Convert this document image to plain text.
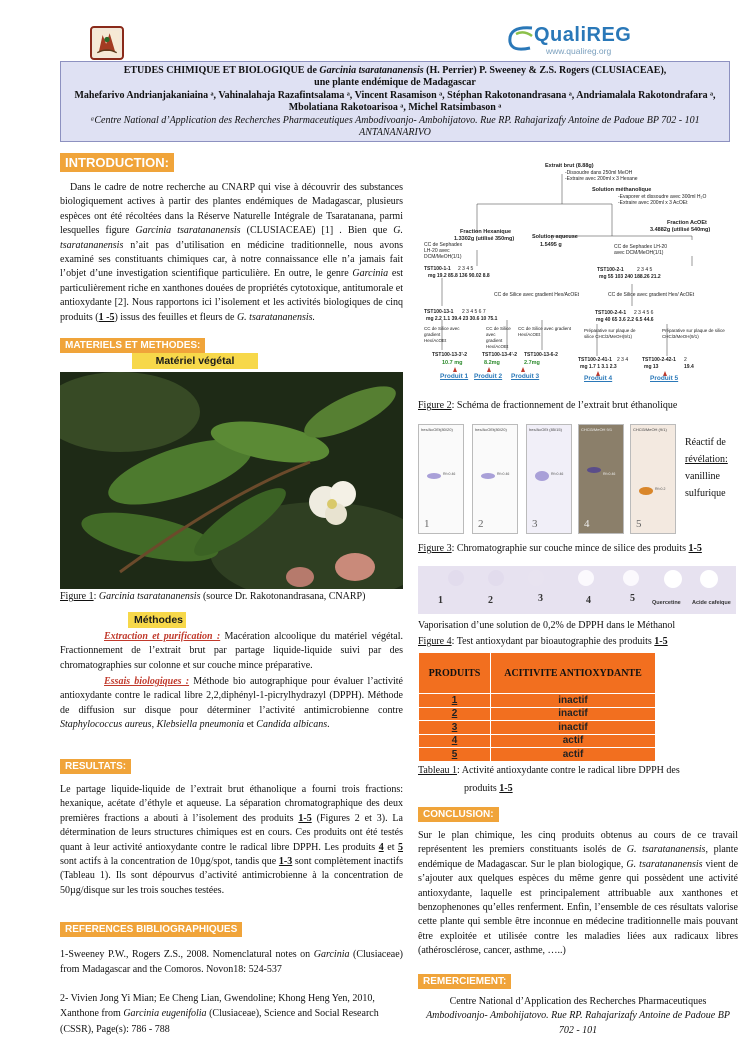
QualiREG
www.qualireg.org
ETUDES CHIMIQUE ET BIOLOGIQUE de Garcinia tsaratananensis (H. Perrier) P. Sweeney & Z.S. Rogers (CLUSIACEAE),
une plante endémique de Madagascar
Mahefarivo Andrianjakaniaina ᵃ, Vahinalahaja Razafintsalama ᵃ, Vincent Rasamison ᵃ, Stéphan Rakotonandrasana ᵃ, Andriamalala Rakotondrafara ᵃ,
Mbolatiana Rakotoarisoa ᵃ, Michel Ratsimbason ᵃ
ᵃCentre National d’Application des Recherches Pharmaceutiques Ambodivoanjo- Ambohijatovo. Rue RP. Rahajarizafy Antoine de Padoue BP 702 - 101 ANTANANARIVO
INTRODUCTION:
Dans le cadre de notre recherche au CNARP qui vise à découvrir des substances biologiquement actives à partir des plantes endémiques de Madagascar, plusieurs espèces ont été récoltées dans la Réserve Naturelle Intégrale de Tsaratanana, parmi lesquelles figure Garcinia tsaratananensis (CLUSIACEAE) [1] . Bien que G. tsaratananensis n’ait pas d’utilisation en médicine traditionnelle, nous avons examiné ses constituants chimiques car, à notre connaissance elle n’a jamais fait l’objet d’une investigation scientifique particulière. En outre, le genre Garcinia est particulièrement riche en xanthones douées de propriétés cytotoxique, antitumorale et antioxydante [2]. Nous rapportons ici l’isolement et les activités biologiques de cinq produits (1 -5) issus des feuilles et fleurs de G. tsaratananensis.
MATERIELS ET METHODES:
Matériel végétal
Figure 1: Garcinia tsaratananensis (source Dr. Rakotonandrasana, CNARP)
Méthodes
Extraction et purification : Macération alcoolique du matériel végétal. Fractionnement de l’extrait brut par partage liquide-liquide suivi par des chromatographies sur colonne et sur couche mince préparative.
Essais biologiques : Méthode bio autographique pour évaluer l’activité antioxydante contre le radical libre 2,2,diphényl-1-picrylhydrazyl (DPPH). Méthode de diffusion sur disque pour déterminer l’activité antimicrobienne contre Staphylococcus aureus, Klebsiella pneumonia et Candida albicans.
RESULTATS:
Le partage liquide-liquide de l’extrait brut éthanolique a fourni trois fractions: hexanique, acétate d’éthyle et aqueuse. La séparation chromatographique des deux premières fractions a abouti à l’isolement des produits 1-5 (Figures 2 et 3). La détermination de leurs structures chimiques est en cours. Ces produits ont été testés quant à leur activité antioxydante contre le radical libre DPPH. Les produits 4 et 5 sont actifs à la concentration de 10µg/spot, tandis que 1-3 sont complètement inactifs (Tableau 1). Ils sont dépourvus d’activité antimicrobienne à la concentration de 50µg/disque sur les trois souches testées.
REFERENCES BIBLIOGRAPHIQUES
1-Sweeney P.W., Rogers Z.S., 2008. Nomenclatural notes on Garcinia (Clusiaceae) from Madagascar and the Comoros. Novon18: 524-537
2- Vivien Jong Yi Mian; Ee Cheng Lian, Gwendoline; Khong Heng Yen, 2010, Xanthone from Garcinia eugenifolia (Clusiaceae), Science and Social Research (CSSR), Page(s): 786 - 788
Extrait brut (8.88g)
-Dissoudre dans 250ml MeOH
-Extraire avec 200ml x 3 Hexane
Solution méthanolique
-Evaporer et dissoudre avec 300ml H₂O
-Extraire avec 200ml x 3 AcOEt
Fraction Hexanique
1.3302g (utilisé 350mg)	Solution aqueuse
1.5495 g
Fraction AcOEt
3.4882g (utilisé 540mg)
CC de Sephadex LH-20 avec DCM/MeOH(1/1)
CC de Sephadex LH-20 avec DCM/MeOH(1/1)
TST100-1-1 2 3 4 5
mg 19.2 85.8 136 90.02 8.8
TST100-2-1	2 3 4 5
mg 55 103 240 188.26 21.2
CC de Silice avec gradient Hex/AcOEt	CC de Silice avec gradient Hex/ AcOEt
TST100-13-1 2 3 4 5 6 7
mg 2.2 1.1 39.4 23 30.6 10 75.1
TST100-2-4-1 2 3 4 5 6
mg 40 65 3.6 2.2 6.5 44.6
CC de Silice avec gradient Hex/AcOEt
CC de Silice avec gradient Hex/AcOEt
CC de Silice avec gradient Hex/AcOEt
Préparative sur plaque de silice CHCl3/MeOH(9/1)
Préparative sur plaque de silice CHCl3/MeOH(9/1)
TST100-13-3'-2	TST100-13-4'-2 TST100-13-6-2
10.7 mg	8.2mg	2.7mg	TST100-2-41-1 2 3 4
mg 1.7 1 3.1 2.3
TST100-2-42-1 2
mg 13	19.4
Produit 1 Produit 2 Produit 3	Produit 4	Produit 5
Figure 2: Schéma de fractionnement de l’extrait brut éthanolique
hex/AcOEt(80/20)
Rf=0.46
1
hex/AcOEt(80/20)
Rf=0.46
2
hex/AcOEt (85/15)
Rf=0.46
3
CHCl3/MeOH 9/1
Rf=0.46
4
CHCl3/MeOH (9/1)
Rf=0.2
5
Réactif de
révélation:
vanilline
sulfurique
Figure 3: Chromatographie sur couche mince de silice des produits 1-5
1	2	3	4	5	Quercetine Acide cafeique
Vaporisation d’une solution de 0,2% de DPPH dans le Méthanol
Figure 4: Test antioxydant par bioautographie des produits 1-5
PRODUITS	ACITIVITE ANTIOXYDANTE
1	inactif
2	inactif
3	inactif
4	actif
5	actif
Tableau 1: Activité antioxydante contre le radical libre DPPH des
produits 1-5
CONCLUSION:
Sur le plan chimique, les cinq produits obtenus au cours de ce travail représentent les premiers constituants isolés de G. tsaratananensis, plante endémique de Madagascar. Sur le plan biologique, G. tsaratananensis vient de s’ajouter aux quelques espèces du même genre qui possèdent une activité antioxydante, laquelle est principalement attribuable aux xanthones et benzophenones qu’elles renferment. Enfin, l’ensemble de ces résultats valorise cette plante qui semble être inconnue en médecine traditionnelle mais pouvant être exploitée et utilisée contre les maladies liées aux radicaux libres (athérosclérose, cancer, asthme, …..)
REMERCIEMENT:
Centre National d’Application des Recherches Pharmaceutiques Ambodivoanjo- Ambohijatovo. Rue RP. Rahajarizafy Antoine de Padoue BP 702 - 101
